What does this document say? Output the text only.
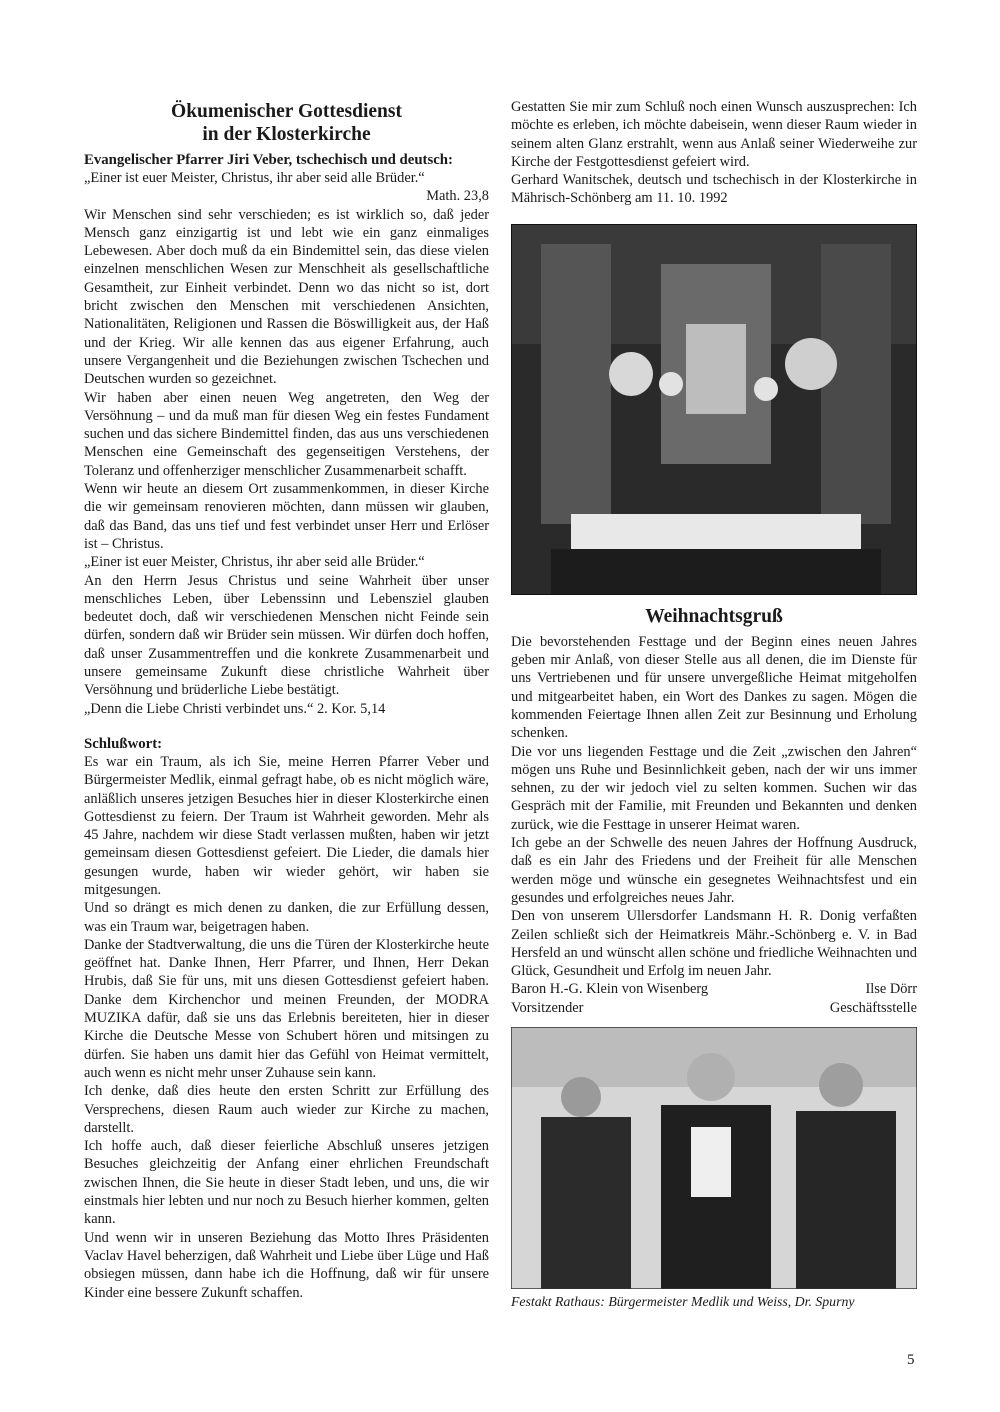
Ökumenischer Gottesdienst
in der Klosterkirche

Evangelischer Pfarrer Jiri Veber, tschechisch und deutsch:

„Einer ist euer Meister, Christus, ihr aber seid alle Brüder.“

Math. 23,8

Wir Menschen sind sehr verschieden; es ist wirklich so, daß jeder Mensch ganz einzigartig ist und lebt wie ein ganz einmaliges Lebewesen. Aber doch muß da ein Bindemittel sein, das diese vielen einzelnen menschlichen Wesen zur Menschheit als gesellschaftliche Gesamtheit, zur Einheit verbindet. Denn wo das nicht so ist, dort bricht zwischen den Menschen mit verschiedenen Ansichten, Nationalitäten, Religionen und Rassen die Böswilligkeit aus, der Haß und der Krieg. Wir alle kennen das aus eigener Erfahrung, auch unsere Vergangenheit und die Beziehungen zwischen Tschechen und Deutschen wurden so gezeichnet.

Wir haben aber einen neuen Weg angetreten, den Weg der Versöhnung – und da muß man für diesen Weg ein festes Fundament suchen und das sichere Bindemittel finden, das aus uns verschiedenen Menschen eine Gemeinschaft des gegenseitigen Verstehens, der Toleranz und offenherziger menschlicher Zusammenarbeit schafft.

Wenn wir heute an diesem Ort zusammenkommen, in dieser Kirche die wir gemeinsam renovieren möchten, dann müssen wir glauben, daß das Band, das uns tief und fest verbindet unser Herr und Erlöser ist – Christus.

„Einer ist euer Meister, Christus, ihr aber seid alle Brüder.“

An den Herrn Jesus Christus und seine Wahrheit über unser menschliches Leben, über Lebenssinn und Lebensziel glauben bedeutet doch, daß wir verschiedenen Menschen nicht Feinde sein dürfen, sondern daß wir Brüder sein müssen. Wir dürfen doch hoffen, daß unser Zusammentreffen und die konkrete Zusammenarbeit und unsere gemeinsame Zukunft diese christliche Wahrheit über Versöhnung und brüderliche Liebe bestätigt.

„Denn die Liebe Christi verbindet uns.“ 2. Kor. 5,14

Schlußwort:

Es war ein Traum, als ich Sie, meine Herren Pfarrer Veber und Bürgermeister Medlik, einmal gefragt habe, ob es nicht möglich wäre, anläßlich unseres jetzigen Besuches hier in dieser Klosterkirche einen Gottesdienst zu feiern. Der Traum ist Wahrheit geworden. Mehr als 45 Jahre, nachdem wir diese Stadt verlassen mußten, haben wir jetzt gemeinsam diesen Gottesdienst gefeiert. Die Lieder, die damals hier gesungen wurde, haben wir wieder gehört, wir haben sie mitgesungen.

Und so drängt es mich denen zu danken, die zur Erfüllung dessen, was ein Traum war, beigetragen haben.

Danke der Stadtverwaltung, die uns die Türen der Klosterkirche heute geöffnet hat. Danke Ihnen, Herr Pfarrer, und Ihnen, Herr Dekan Hrubis, daß Sie für uns, mit uns diesen Gottesdienst gefeiert haben. Danke dem Kirchenchor und meinen Freunden, der MODRA MUZIKA dafür, daß sie uns das Erlebnis bereiteten, hier in dieser Kirche die Deutsche Messe von Schubert hören und mitsingen zu dürfen. Sie haben uns damit hier das Gefühl von Heimat vermittelt, auch wenn es nicht mehr unser Zuhause sein kann.

Ich denke, daß dies heute den ersten Schritt zur Erfüllung des Versprechens, diesen Raum auch wieder zur Kirche zu machen, darstellt.

Ich hoffe auch, daß dieser feierliche Abschluß unseres jetzigen Besuches gleichzeitig der Anfang einer ehrlichen Freundschaft zwischen Ihnen, die Sie heute in dieser Stadt leben, und uns, die wir einstmals hier lebten und nur noch zu Besuch hierher kommen, gelten kann.

Und wenn wir in unseren Beziehung das Motto Ihres Präsidenten Vaclav Havel beherzigen, daß Wahrheit und Liebe über Lüge und Haß obsiegen müssen, dann habe ich die Hoffnung, daß wir für unsere Kinder eine bessere Zukunft schaffen.

Gestatten Sie mir zum Schluß noch einen Wunsch auszusprechen: Ich möchte es erleben, ich möchte dabeisein, wenn dieser Raum wieder in seinem alten Glanz erstrahlt, wenn aus Anlaß seiner Wiederweihe zur Kirche der Festgottesdienst gefeiert wird.

Gerhard Wanitschek, deutsch und tschechisch in der Klosterkirche in Mährisch-Schönberg am 11. 10. 1992

Weihnachtsgruß

Die bevorstehenden Festtage und der Beginn eines neuen Jahres geben mir Anlaß, von dieser Stelle aus all denen, die im Dienste für uns Vertriebenen und für unsere unvergeßliche Heimat mitgeholfen und mitgearbeitet haben, ein Wort des Dankes zu sagen. Mögen die kommenden Feiertage Ihnen allen Zeit zur Besinnung und Erholung schenken.

Die vor uns liegenden Festtage und die Zeit „zwischen den Jahren“ mögen uns Ruhe und Besinnlichkeit geben, nach der wir uns immer sehnen, zu der wir jedoch viel zu selten kommen. Suchen wir das Gespräch mit der Familie, mit Freunden und Bekannten und denken zurück, wie die Festtage in unserer Heimat waren.

Ich gebe an der Schwelle des neuen Jahres der Hoffnung Ausdruck, daß es ein Jahr des Friedens und der Freiheit für alle Menschen werden möge und wünsche ein gesegnetes Weihnachtsfest und ein gesundes und erfolgreiches neues Jahr.

Den von unserem Ullersdorfer Landsmann H. R. Donig verfaßten Zeilen schließt sich der Heimatkreis Mähr.-Schönberg e. V. in Bad Hersfeld an und wünscht allen schöne und friedliche Weihnachten und Glück, Gesundheit und Erfolg im neuen Jahr.

Baron H.-G. Klein von Wisenberg	Ilse Dörr
Vorsitzender	Geschäftsstelle

Festakt Rathaus: Bürgermeister Medlik und Weiss, Dr. Spurny

5
